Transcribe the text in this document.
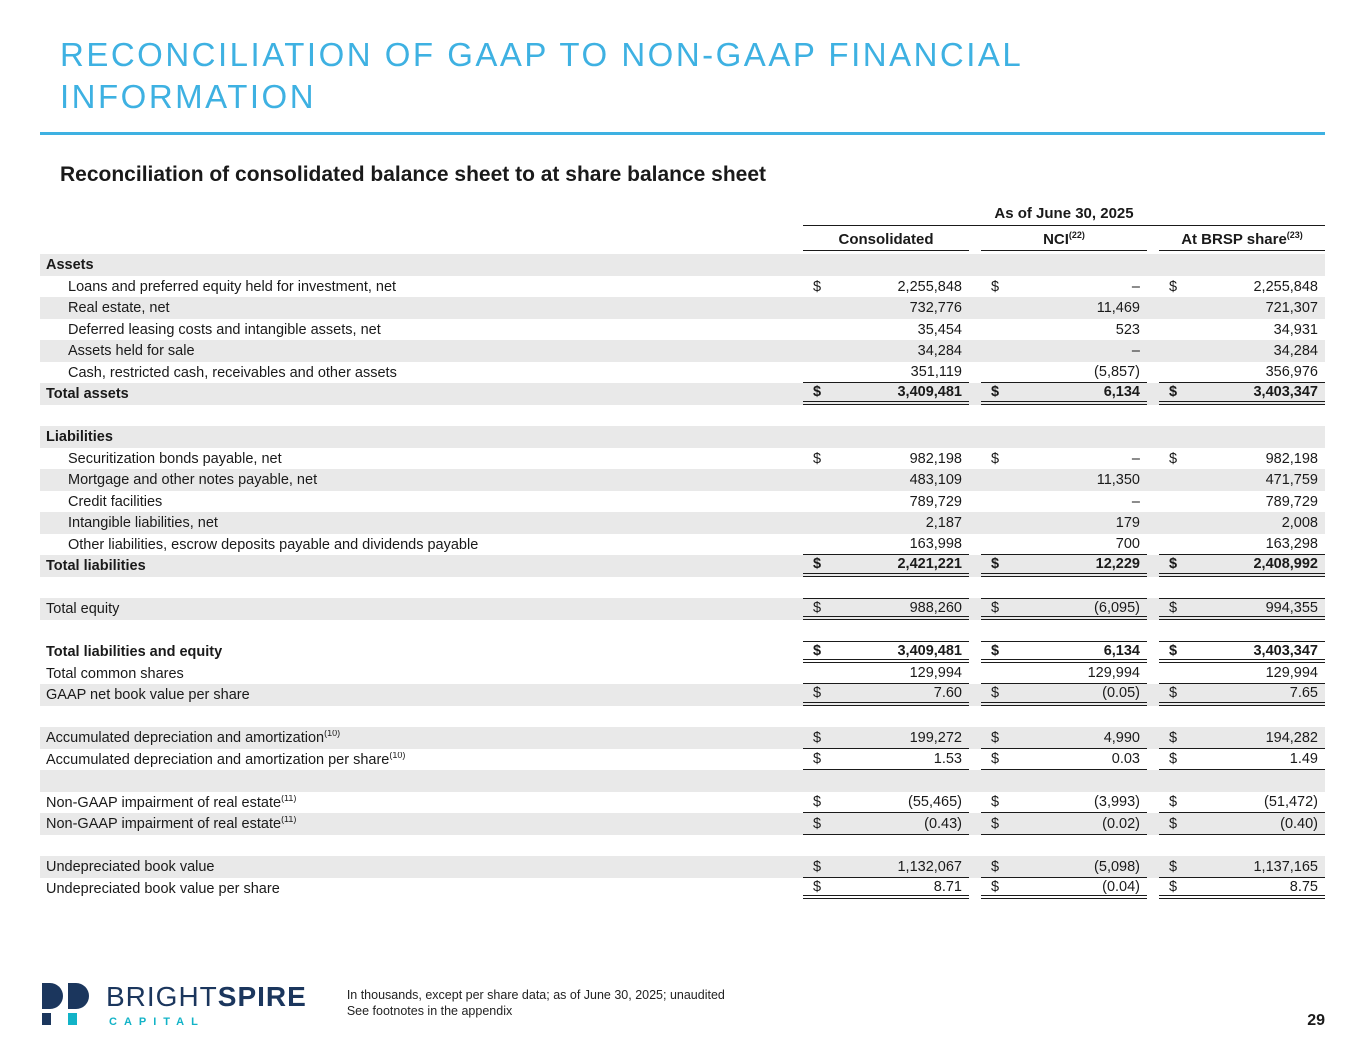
RECONCILIATION OF GAAP TO NON-GAAP FINANCIAL
INFORMATION
Reconciliation of consolidated balance sheet to at share balance sheet
As of June 30, 2025
Consolidated	NCI$^{(22)}$	At BRSP share$^{(23)}$
Assets
Loans and preferred equity held for investment, net	$	2,255,848 $	– $	2,255,848
Real estate, net	732,776	11,469	721,307
Deferred leasing costs and intangible assets, net	35,454	523	34,931
Assets held for sale	34,284	–	34,284
Cash, restricted cash, receivables and other assets	351,119	(5,857)	356,976
Total assets	$	3,409,481 $	6,134 $	3,403,347
Liabilities
Securitization bonds payable, net	$	982,198 $	– $	982,198
Mortgage and other notes payable, net	483,109	11,350	471,759
Credit facilities	789,729	–	789,729
Intangible liabilities, net	2,187	179	2,008
Other liabilities, escrow deposits payable and dividends payable	163,998	700	163,298
Total liabilities	$	2,421,221 $	12,229 $	2,408,992
Total equity	$	988,260 $	(6,095) $	994,355
Total liabilities and equity	$	3,409,481 $	6,134 $	3,403,347
Total common shares	129,994	129,994	129,994
GAAP net book value per share	$	7.60 $	(0.05) $	7.65
Accumulated depreciation and amortization$^{(10)}$	$	199,272 $	4,990 $	194,282
Accumulated depreciation and amortization per share$^{(10)}$	$	1.53 $	0.03 $	1.49
Non-GAAP impairment of real estate$^{(11)}$	$	(55,465) $	(3,993) $	(51,472)
Non-GAAP impairment of real estate$^{(11)}$	$	(0.43) $	(0.02) $	(0.40)
Undepreciated book value	$	1,132,067 $	(5,098) $	1,137,165
Undepreciated book value per share	$	8.71 $	(0.04) $	8.75
BRIGHTSPIRE
CAPITAL
In thousands, except per share data; as of June 30, 2025; unaudited
See footnotes in the appendix
29
